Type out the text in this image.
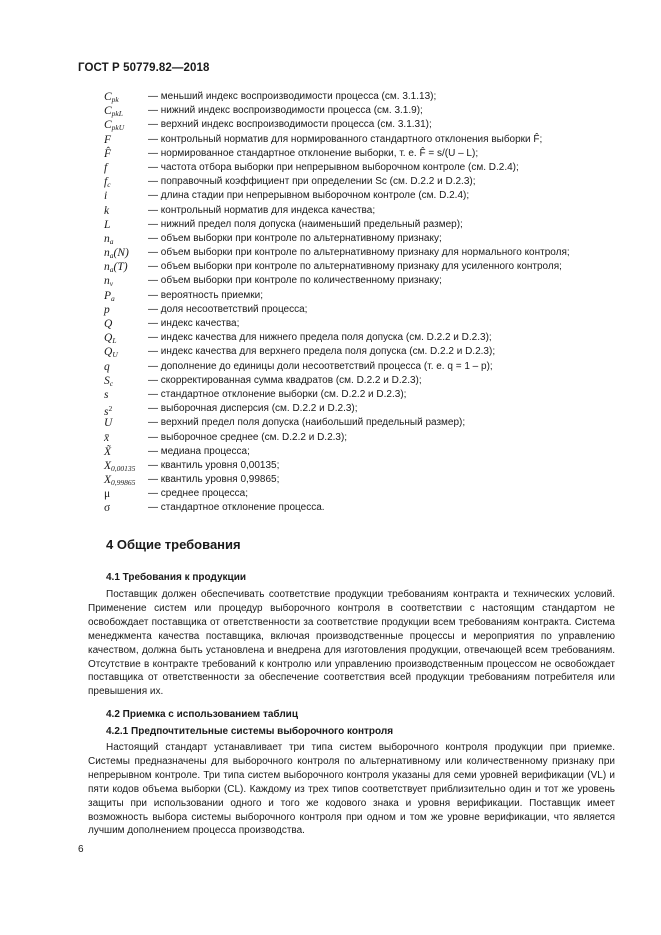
ГОСТ Р 50779.82—2018
$C_{pk}$	— меньший индекс воспроизводимости процесса (см. 3.1.13);
$C_{pkL}$	— нижний индекс воспроизводимости процесса (см. 3.1.9);
$C_{pkU}$ — верхний индекс воспроизводимости процесса (см. 3.1.31);
F	— контрольный норматив для нормированного стандартного отклонения выборки F̂;
F̂	— нормированное стандартное отклонение выборки, т. е. F̂ = s/(U – L);
f	— частота отбора выборки при непрерывном выборочном контроле (см. D.2.4);
$f_c$	— поправочный коэффициент при определении Sc (см. D.2.2 и D.2.3);
i	— длина стадии при непрерывном выборочном контроле (см. D.2.4);
k	— контрольный норматив для индекса качества;
L	— нижний предел поля допуска (наименьший предельный размер);
$n_a$	— объем выборки при контроле по альтернативному признаку;
$n_a(N)$ — объем выборки при контроле по альтернативному признаку для нормального контроля;
$n_a(T)$ — объем выборки при контроле по альтернативному признаку для усиленного контроля;
$n_v$	— объем выборки при контроле по количественному признаку;
$P_a$	— вероятность приемки;
p	— доля несоответствий процесса;
Q	— индекс качества;
$Q_L$	— индекс качества для нижнего предела поля допуска (см. D.2.2 и D.2.3);
$Q_U$	— индекс качества для верхнего предела поля допуска (см. D.2.2 и D.2.3);
q	— дополнение до единицы доли несоответствий процесса (т. е. q = 1 – p);
$S_c$	— скорректированная сумма квадратов (см. D.2.2 и D.2.3);
s	— стандартное отклонение выборки (см. D.2.2 и D.2.3);
$s^2$	— выборочная дисперсия (см. D.2.2 и D.2.3);
U	— верхний предел поля допуска (наибольший предельный размер);
x̄	— выборочное среднее (см. D.2.2 и D.2.3);
X̃	— медиана процесса;
$X_{0,00135}$ — квантиль уровня 0,00135;
$X_{0,99865}$ — квантиль уровня 0,99865;
μ	— среднее процесса;
σ	— стандартное отклонение процесса.
4 Общие требования
4.1 Требования к продукции
Поставщик должен обеспечивать соответствие продукции требованиям контракта и технических условий. Применение систем или процедур выборочного контроля в соответствии с настоящим стандартом не освобождает поставщика от ответственности за соответствие продукции всем требованиям контракта. Система менеджмента качества поставщика, включая производственные процессы и мероприятия по управлению качеством, должна быть установлена и внедрена для изготовления продукции, отвечающей всем требованиям. Отсутствие в контракте требований к контролю или управлению производственным процессом не освобождает поставщика от ответственности за обеспечение соответствия всей продукции требованиям потребителя или превышения их.
4.2 Приемка с использованием таблиц
4.2.1 Предпочтительные системы выборочного контроля
Настоящий стандарт устанавливает три типа систем выборочного контроля продукции при приемке. Системы предназначены для выборочного контроля по альтернативному или количественному признаку при непрерывном контроле. Три типа систем выборочного контроля указаны для семи уровней верификации (VL) и пяти кодов объема выборки (CL). Каждому из трех типов соответствует приблизительно один и тот же уровень защиты при использовании одного и того же кодового знака и уровня верификации. Поставщик имеет возможность выбора системы выборочного контроля при одном и том же уровне верификации, что является лучшим дополнением процесса производства.
6
